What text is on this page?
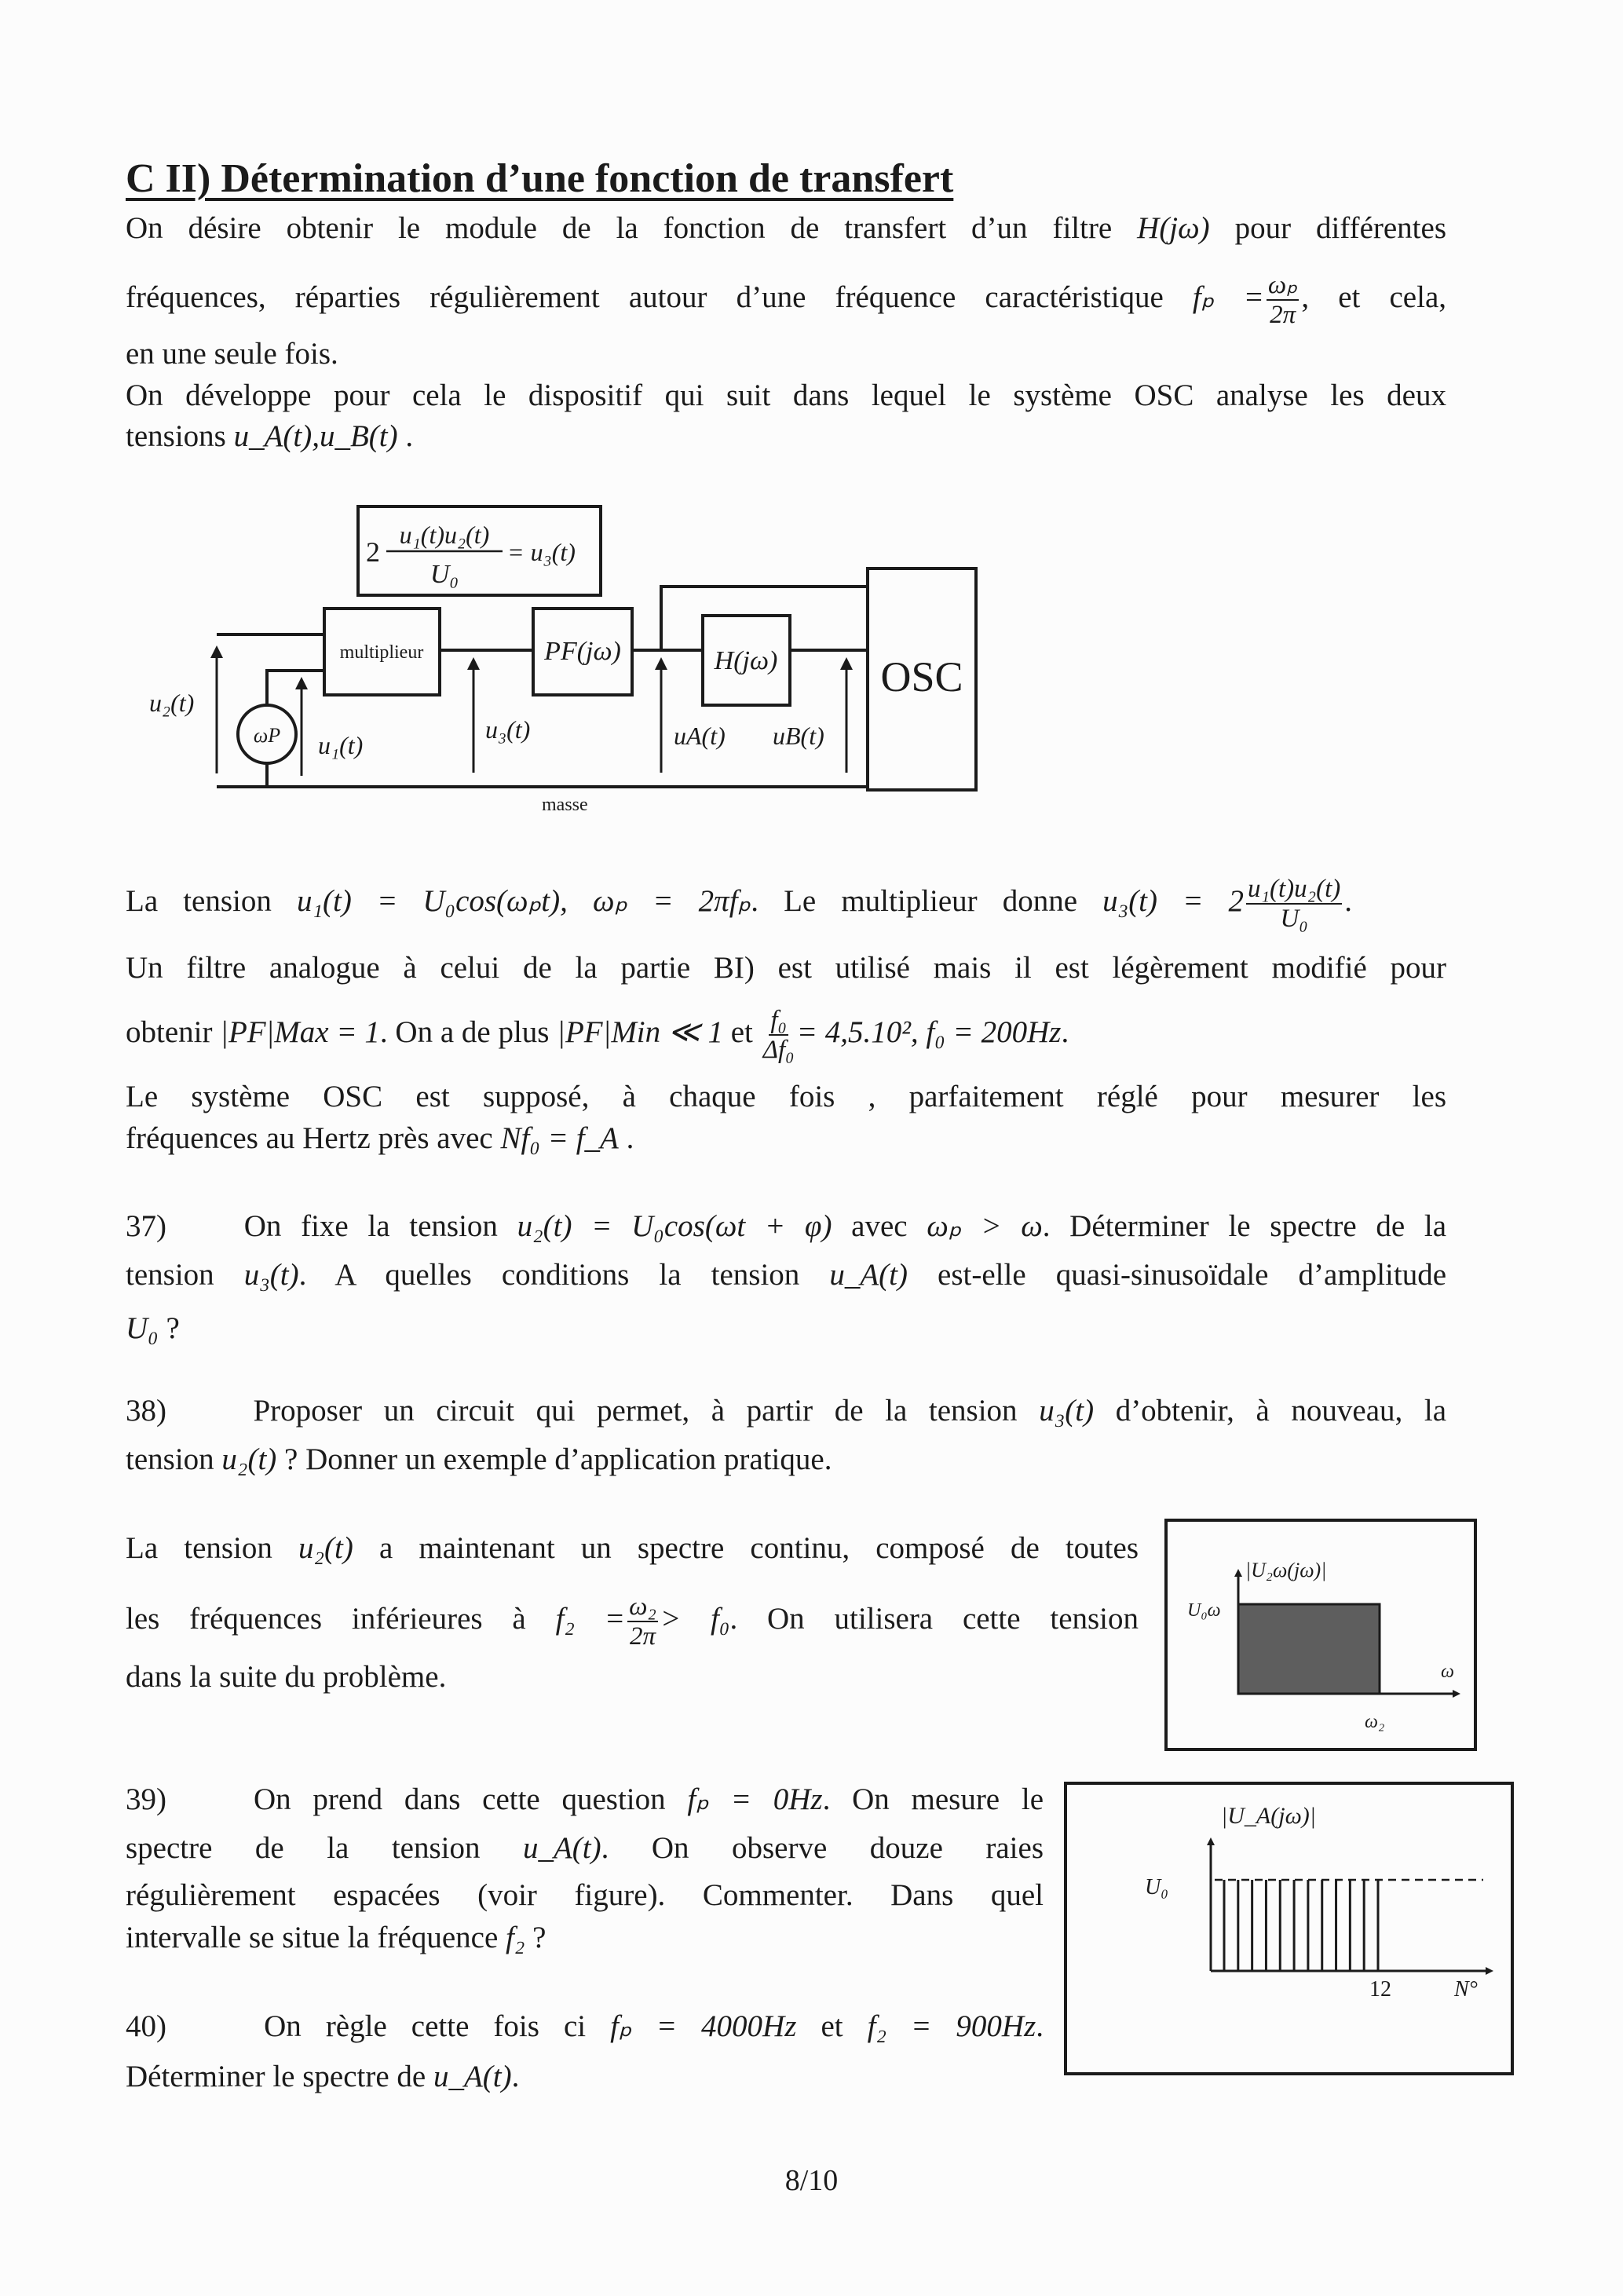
C II) Détermination d’une fonction de transfert
On désire obtenir le module de la fonction de transfert d’un filtre H(jω) pour différentes
fréquences, réparties régulièrement autour d’une fréquence caractéristique $f_p = \frac{\text{ωₚ}}{2\pi}$ , et cela,
en une seule fois.
On développe pour cela le dispositif qui suit dans lequel le système OSC analyse les deux
tensions u_A(t),u_B(t) .
2
u₁(t)u₂(t)
U₀
= u₃(t)
multiplieur	PF(jω)	H(jω) OSC
u₂(t)
ωP u₁(t)
u₃(t)	uA(t) uB(t)
masse
|U₂ω(jω)|
U₀ω
ω
ω₂
|U_A(jω)|
U₀
12	N°
La tension u₁(t) = U₀cos(ωₚt), ωₚ = 2πfₚ. Le multiplieur donne $u_3(t) = 2 \frac{\text{u₁(t)u₂(t)}}{\text{U₀}}$ .
Un filtre analogue à celui de la partie BI) est utilisé mais il est légèrement modifié pour
obtenir |PF|Max = 1. On a de plus |PF|Min ≪ 1 et $\frac{\text{f₀}}{\text{Δf₀}} = 4,5.10^2$, f₀ = 200Hz.
Le système OSC est supposé, à chaque fois , parfaitement réglé pour mesurer les
fréquences au Hertz près avec Nf₀ = f_A .
37)	On fixe la tension u₂(t) = U₀cos(ωt + φ) avec ωₚ > ω. Déterminer le spectre de la
tension u₃(t). A quelles conditions la tension u_A(t) est-elle quasi-sinusoïdale d’amplitude
U₀ ?
38)	Proposer un circuit qui permet, à partir de la tension u₃(t) d’obtenir, à nouveau, la
tension u₂(t) ? Donner un exemple d’application pratique.
La tension u₂(t) a maintenant un spectre continu, composé de toutes
les fréquences inférieures à $f_2 = \frac{\text{ω₂}}{2\pi} > f_0$. On utilisera cette tension
dans la suite du problème.
39)	On prend dans cette question fₚ = 0Hz. On mesure le
spectre de la tension u_A(t). On observe douze raies
régulièrement espacées (voir figure). Commenter. Dans quel
intervalle se situe la fréquence f₂ ?
40)	On règle cette fois ci fₚ = 4000Hz et f₂ = 900Hz.
Déterminer le spectre de u_A(t).
8/10
